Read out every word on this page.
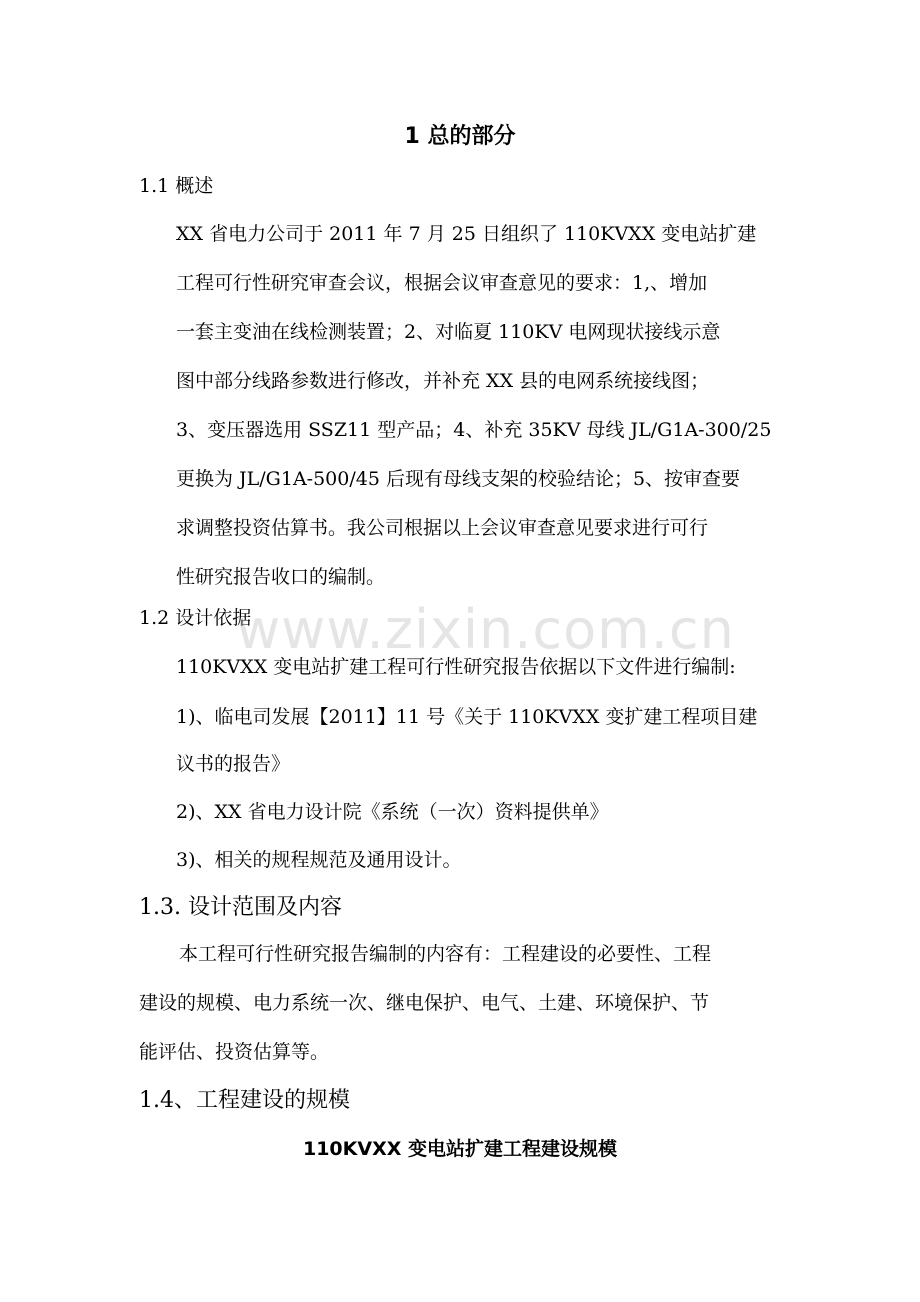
1 总的部分
1.1 概述
XX 省电力公司于 2011 年 7 月 25 日组织了 110KVXX 变电站扩建
工程可行性研究审查会议，根据会议审查意见的要求：1,、增加
一套主变油在线检测装置；2、对临夏 110KV 电网现状接线示意
图中部分线路参数进行修改，并补充 XX 县的电网系统接线图；
3、变压器选用 SSZ11 型产品；4、补充 35KV 母线 JL/G1A-300/25
更换为 JL/G1A-500/45 后现有母线支架的校验结论；5、按审查要
求调整投资估算书。我公司根据以上会议审查意见要求进行可行
性研究报告收口的编制。
1.2 设计依据
110KVXX 变电站扩建工程可行性研究报告依据以下文件进行编制:
1)、临电司发展【2011】11 号《关于 110KVXX 变扩建工程项目建
议书的报告》
2)、XX 省电力设计院《系统（一次）资料提供单》
3)、相关的规程规范及通用设计。
1.3. 设计范围及内容
本工程可行性研究报告编制的内容有：工程建设的必要性、工程
建设的规模、电力系统一次、继电保护、电气、土建、环境保护、节
能评估、投资估算等。
1.4、工程建设的规模
110KVXX 变电站扩建工程建设规模
www.zixin.com.cn
